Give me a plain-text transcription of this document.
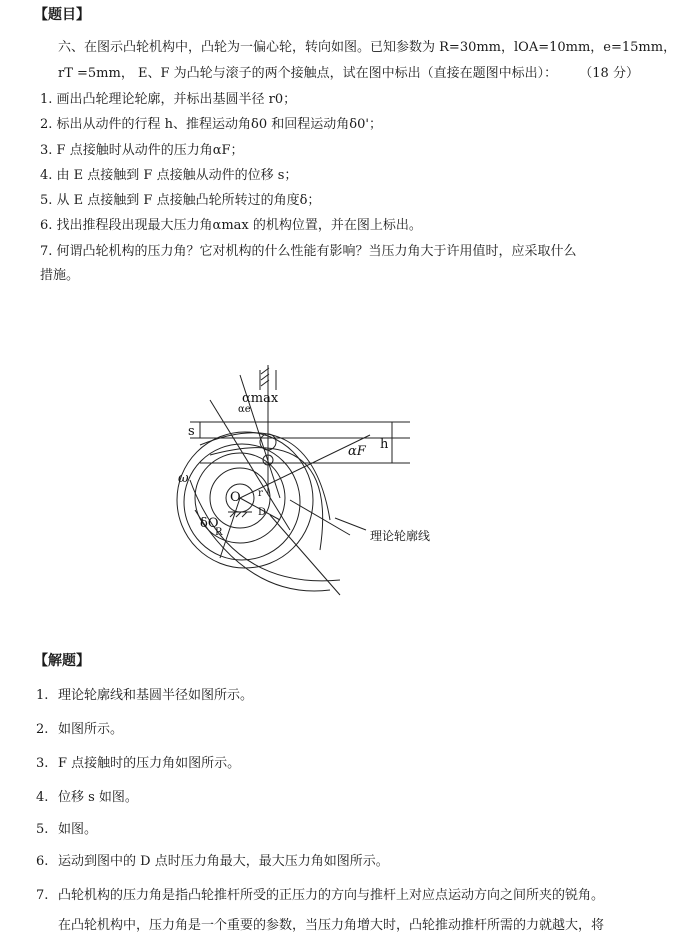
【题目】
六、在图示凸轮机构中，凸轮为一偏心轮，转向如图。已知参数为 R=30mm，lOA=10mm，e=15mm，
rT =5mm， E、F 为凸轮与滚子的两个接触点，试在图中标出（直接在题图中标出）： （18 分）
1. 画出凸轮理论轮廓，并标出基圆半径 r0；
2. 标出从动件的行程 h、推程运动角δ0 和回程运动角δ0'；
3. F 点接触时从动件的压力角αF；
4. 由 E 点接触到 F 点接触从动件的位移 s；
5. 从 E 点接触到 F 点接触凸轮所转过的角度δ；
6. 找出推程段出现最大压力角αmax 的机构位置，并在图上标出。
7. 何谓凸轮机构的压力角？它对机构的什么性能有影响？当压力角大于许用值时，应采取什么
措施。
αmax
αe
s
h
αF
ω
O
δO
R
r
D
理论轮廓线
【解题】
1. 理论轮廓线和基圆半径如图所示。
2. 如图所示。
3. F 点接触时的压力角如图所示。
4. 位移 s 如图。
5. 如图。
6. 运动到图中的 D 点时压力角最大，最大压力角如图所示。
7. 凸轮机构的压力角是指凸轮推杆所受的正压力的方向与推杆上对应点运动方向之间所夹的锐角。
在凸轮机构中，压力角是一个重要的参数，当压力角增大时，凸轮推动推杆所需的力就越大，将
